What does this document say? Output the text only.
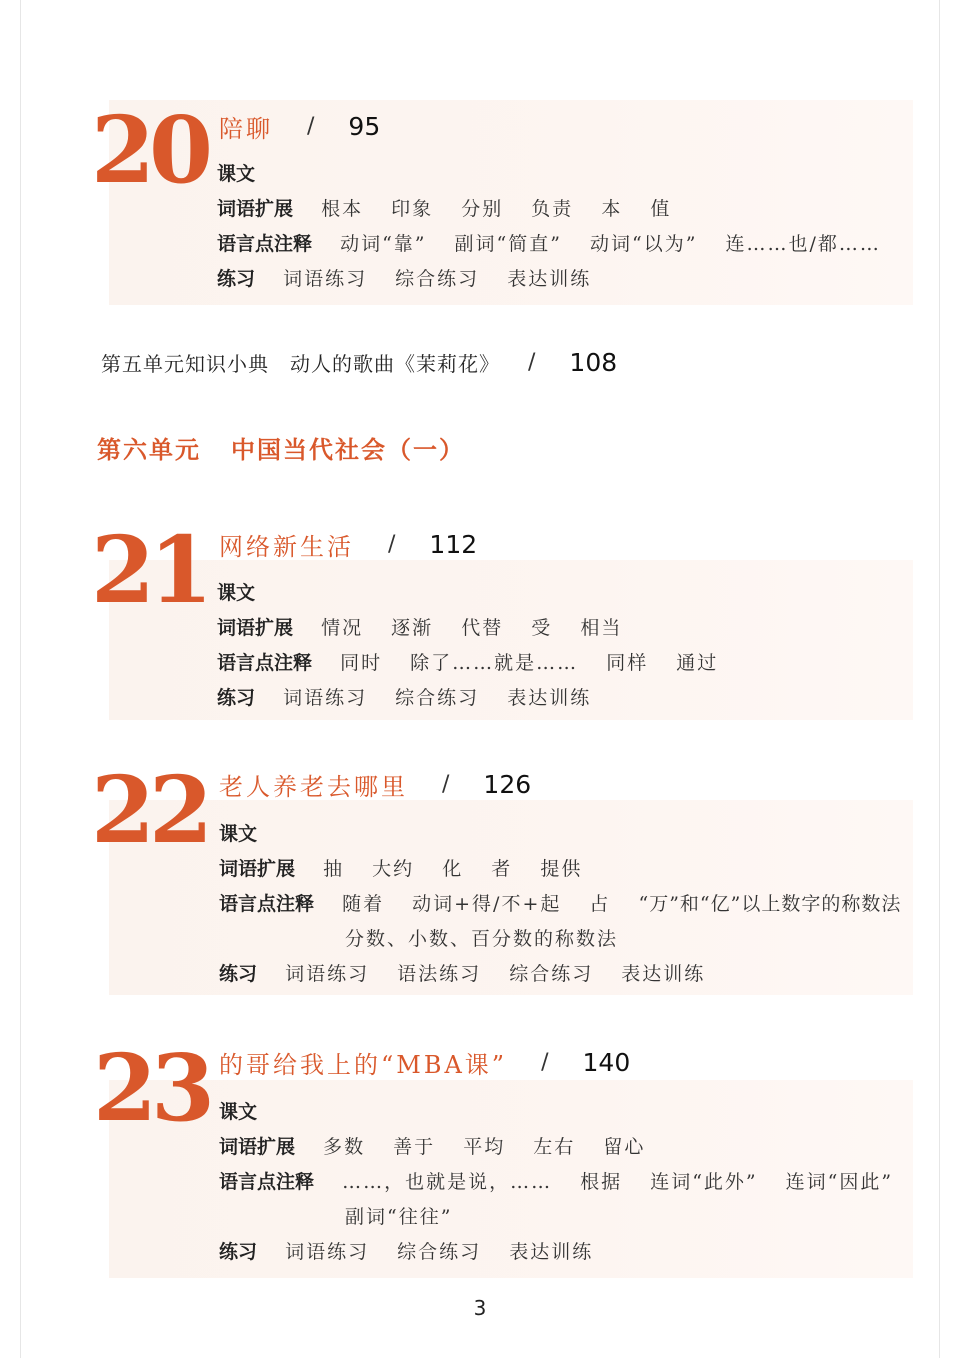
20 陪聊 / 95
课文
词语扩展 根本 印象 分别 负责 本 值
语言点注释 动词“靠” 副词“简直” 动词“以为” 连……也/都……
练习 词语练习 综合练习 表达训练
第五单元知识小典　动人的歌曲《茉莉花》 / 108
第六单元 中国当代社会（一）
21 网络新生活 / 112
课文
词语扩展 情况 逐渐 代替 受 相当
语言点注释 同时 除了……就是…… 同样 通过
练习 词语练习 综合练习 表达训练
22 老人养老去哪里 / 126
课文
词语扩展 抽 大约 化 者 提供
语言点注释 随着 动词+得/不+起 占 “万”和“亿”以上数字的称数法
分数、小数、百分数的称数法
练习 词语练习 语法练习 综合练习 表达训练
23 的哥给我上的“MBA课” / 140
课文
词语扩展 多数 善于 平均 左右 留心
语言点注释 ……，也就是说，…… 根据 连词“此外” 连词“因此”
副词“往往”
练习 词语练习 综合练习 表达训练
3
